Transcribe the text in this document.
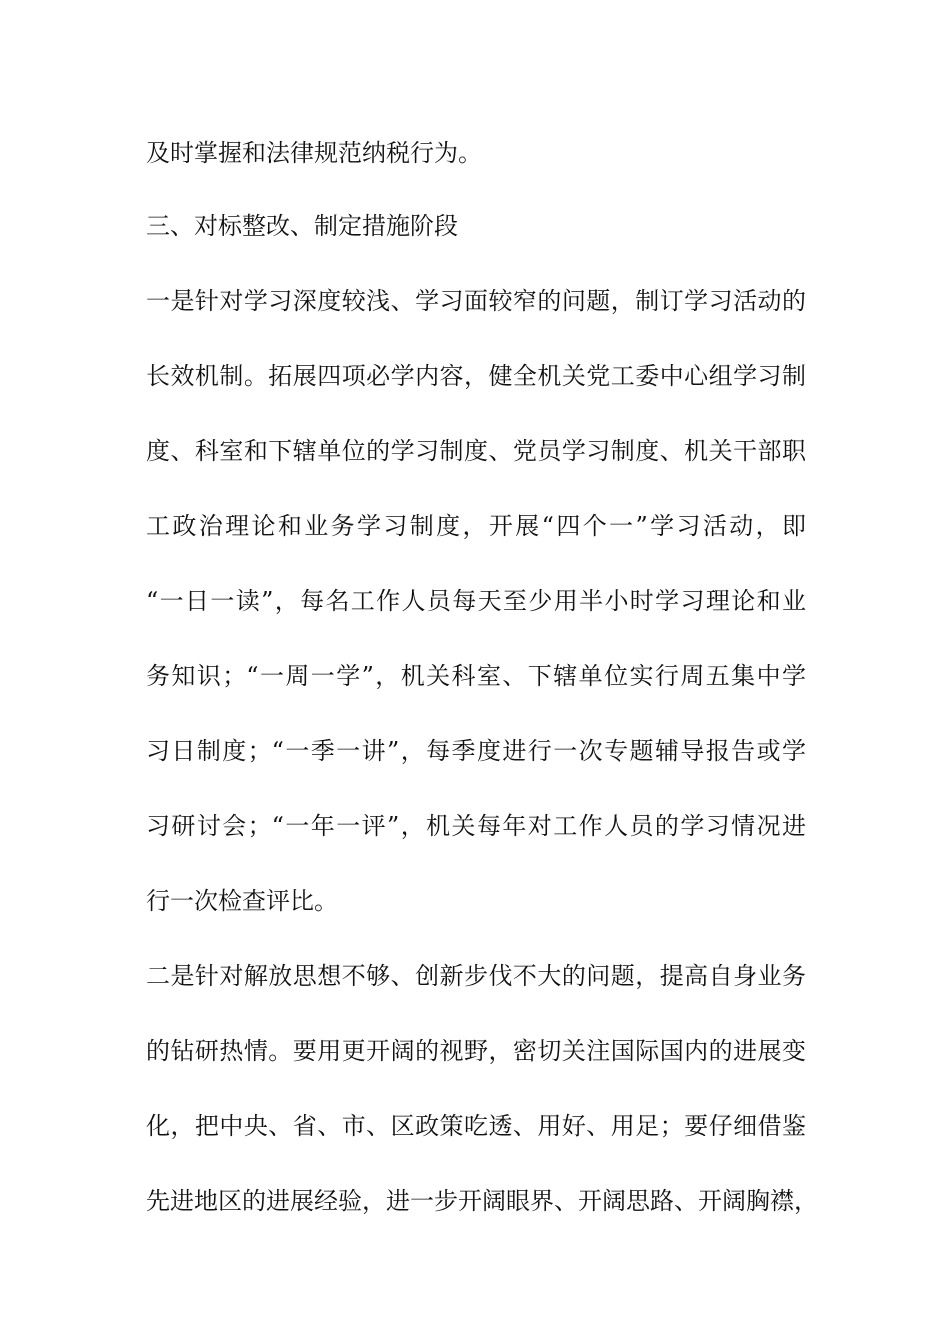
及时掌握和法律规范纳税行为。
三、对标整改、制定措施阶段
一是针对学习深度较浅、学习面较窄的问题，制订学习活动的
长效机制。拓展四项必学内容，健全机关党工委中心组学习制
度、科室和下辖单位的学习制度、党员学习制度、机关干部职
工政治理论和业务学习制度，开展“四个一”学习活动，即
“一日一读”，每名工作人员每天至少用半小时学习理论和业
务知识；“一周一学”，机关科室、下辖单位实行周五集中学
习日制度；“一季一讲”，每季度进行一次专题辅导报告或学
习研讨会；“一年一评”，机关每年对工作人员的学习情况进
行一次检查评比。
二是针对解放思想不够、创新步伐不大的问题，提高自身业务
的钻研热情。要用更开阔的视野，密切关注国际国内的进展变
化，把中央、省、市、区政策吃透、用好、用足；要仔细借鉴
先进地区的进展经验，进一步开阔眼界、开阔思路、开阔胸襟，
